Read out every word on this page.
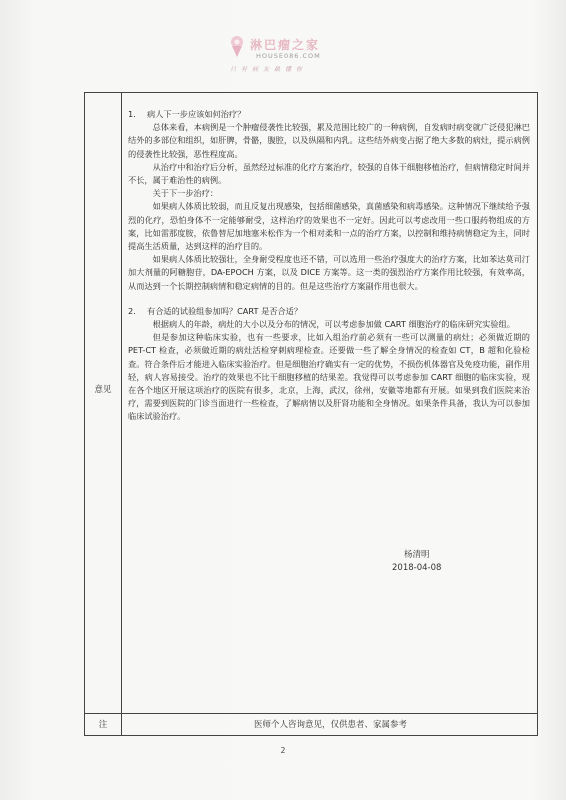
淋巴瘤之家
HOUSE086.COM
只有病友最懂你
意见
注	医师个人咨询意见，仅供患者、家属参考

1. 病人下一步应该如何治疗？

总体来看，本病例是一个肿瘤侵袭性比较强，累及范围比较广的一种病例，自发病时病变就广泛侵犯淋巴结外的多部位和组织，如肝脾，骨骼，腹腔，以及纵隔和内乳。这些结外病变占据了绝大多数的病灶，提示病例的侵袭性比较强，恶性程度高。

从治疗中和治疗后分析，虽然经过标准的化疗方案治疗，较强的自体干细胞移植治疗，但病情稳定时间并不长，属于难治性的病例。

关于下一步治疗：

如果病人体质比较弱，而且反复出现感染，包括细菌感染，真菌感染和病毒感染。这种情况下继续给予强烈的化疗，恐怕身体不一定能够耐受，这样治疗的效果也不一定好。因此可以考虑改用一些口服药物组成的方案，比如雷那度胺，依鲁替尼加地塞米松作为一个相对柔和一点的治疗方案，以控制和维持病情稳定为主，同时提高生活质量，达到这样的治疗目的。

如果病人体质比较强壮，全身耐受程度也还不错，可以选用一些治疗强度大的治疗方案，比如苯达莫司汀加大剂量的阿糖胞苷，DA-EPOCH 方案，以及 DICE 方案等。这一类的强烈治疗方案作用比较强，有效率高，从而达到一个长期控制病情和稳定病情的目的。但是这些治疗方案副作用也很大。

2. 有合适的试验组参加吗？CART 是否合适？

根据病人的年龄，病灶的大小以及分布的情况，可以考虑参加做 CART 细胞治疗的临床研究实验组。

但是参加这种临床实验，也有一些要求，比如入组治疗前必须有一些可以测量的病灶；必须做近期的 PET-CT 检查，必须做近期的病灶活检穿刺病理检查。还要做一些了解全身情况的检查如 CT，B 超和化验检查。符合条件后才能进入临床实验治疗。但是细胞治疗确实有一定的优势，不损伤机体器官及免疫功能，副作用轻，病人容易接受。治疗的效果也不比干细胞移植的结果差。我觉得可以考虑参加 CART 细胞的临床实验，现在各个地区开展这项治疗的医院有很多，北京，上海，武汉，徐州，安徽等地都有开展。如果到我们医院来治疗，需要到医院的门诊当面进行一些检查，了解病情以及肝肾功能和全身情况。如果条件具备，我认为可以参加临床试验治疗。

杨清明
2018-04-08
2
